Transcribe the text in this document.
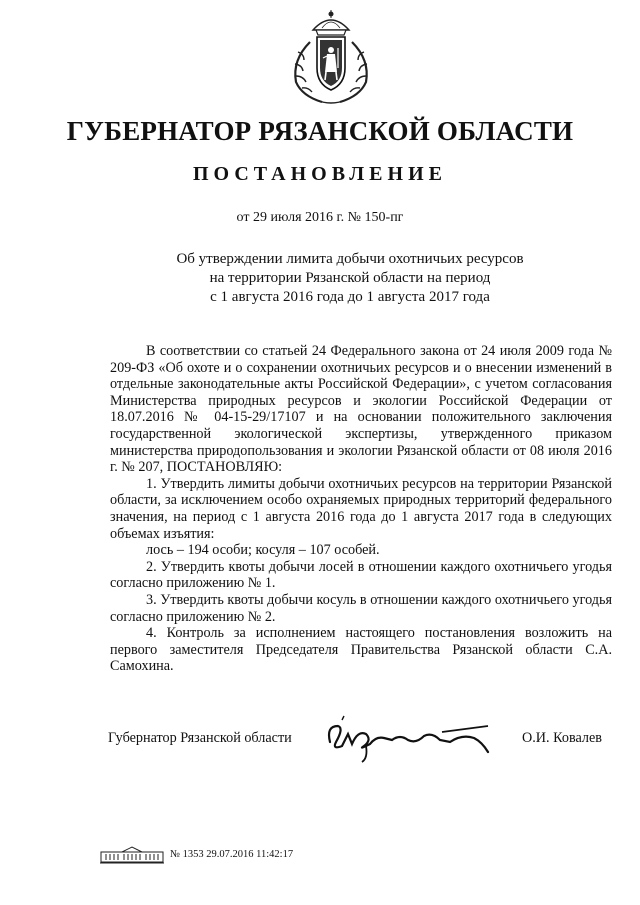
ГУБЕРНАТОР РЯЗАНСКОЙ ОБЛАСТИ
ПОСТАНОВЛЕНИЕ
от 29 июля 2016 г. № 150-пг
Об утверждении лимита добычи охотничьих ресурсов
на территории Рязанской области на период
с 1 августа 2016 года до 1 августа 2017 года

В соответствии со статьей 24 Федерального закона от 24 июля 2009 года № 209-ФЗ «Об охоте и о сохранении охотничьих ресурсов и о внесении изменений в отдельные законодательные акты Российской Федерации», с учетом согласования Министерства природных ресурсов и экологии Российской Федерации от 18.07.2016 № 04-15-29/17107 и на основании положительного заключения государственной экологической экспертизы, утвержденного приказом министерства природопользования и экологии Рязанской области от 08 июля 2016 г. № 207, ПОСТАНОВЛЯЮ:

1. Утвердить лимиты добычи охотничьих ресурсов на территории Рязанской области, за исключением особо охраняемых природных территорий федерального значения, на период с 1 августа 2016 года до 1 августа 2017 года в следующих объемах изъятия:

лось – 194 особи; косуля – 107 особей.

2. Утвердить квоты добычи лосей в отношении каждого охотничьего угодья согласно приложению № 1.

3. Утвердить квоты добычи косуль в отношении каждого охотничьего угодья согласно приложению № 2.

4. Контроль за исполнением настоящего постановления возложить на первого заместителя Председателя Правительства Рязанской области С.А. Самохина.

Губернатор Рязанской области	О.И. Ковалев
№ 1353 29.07.2016 11:42:17
